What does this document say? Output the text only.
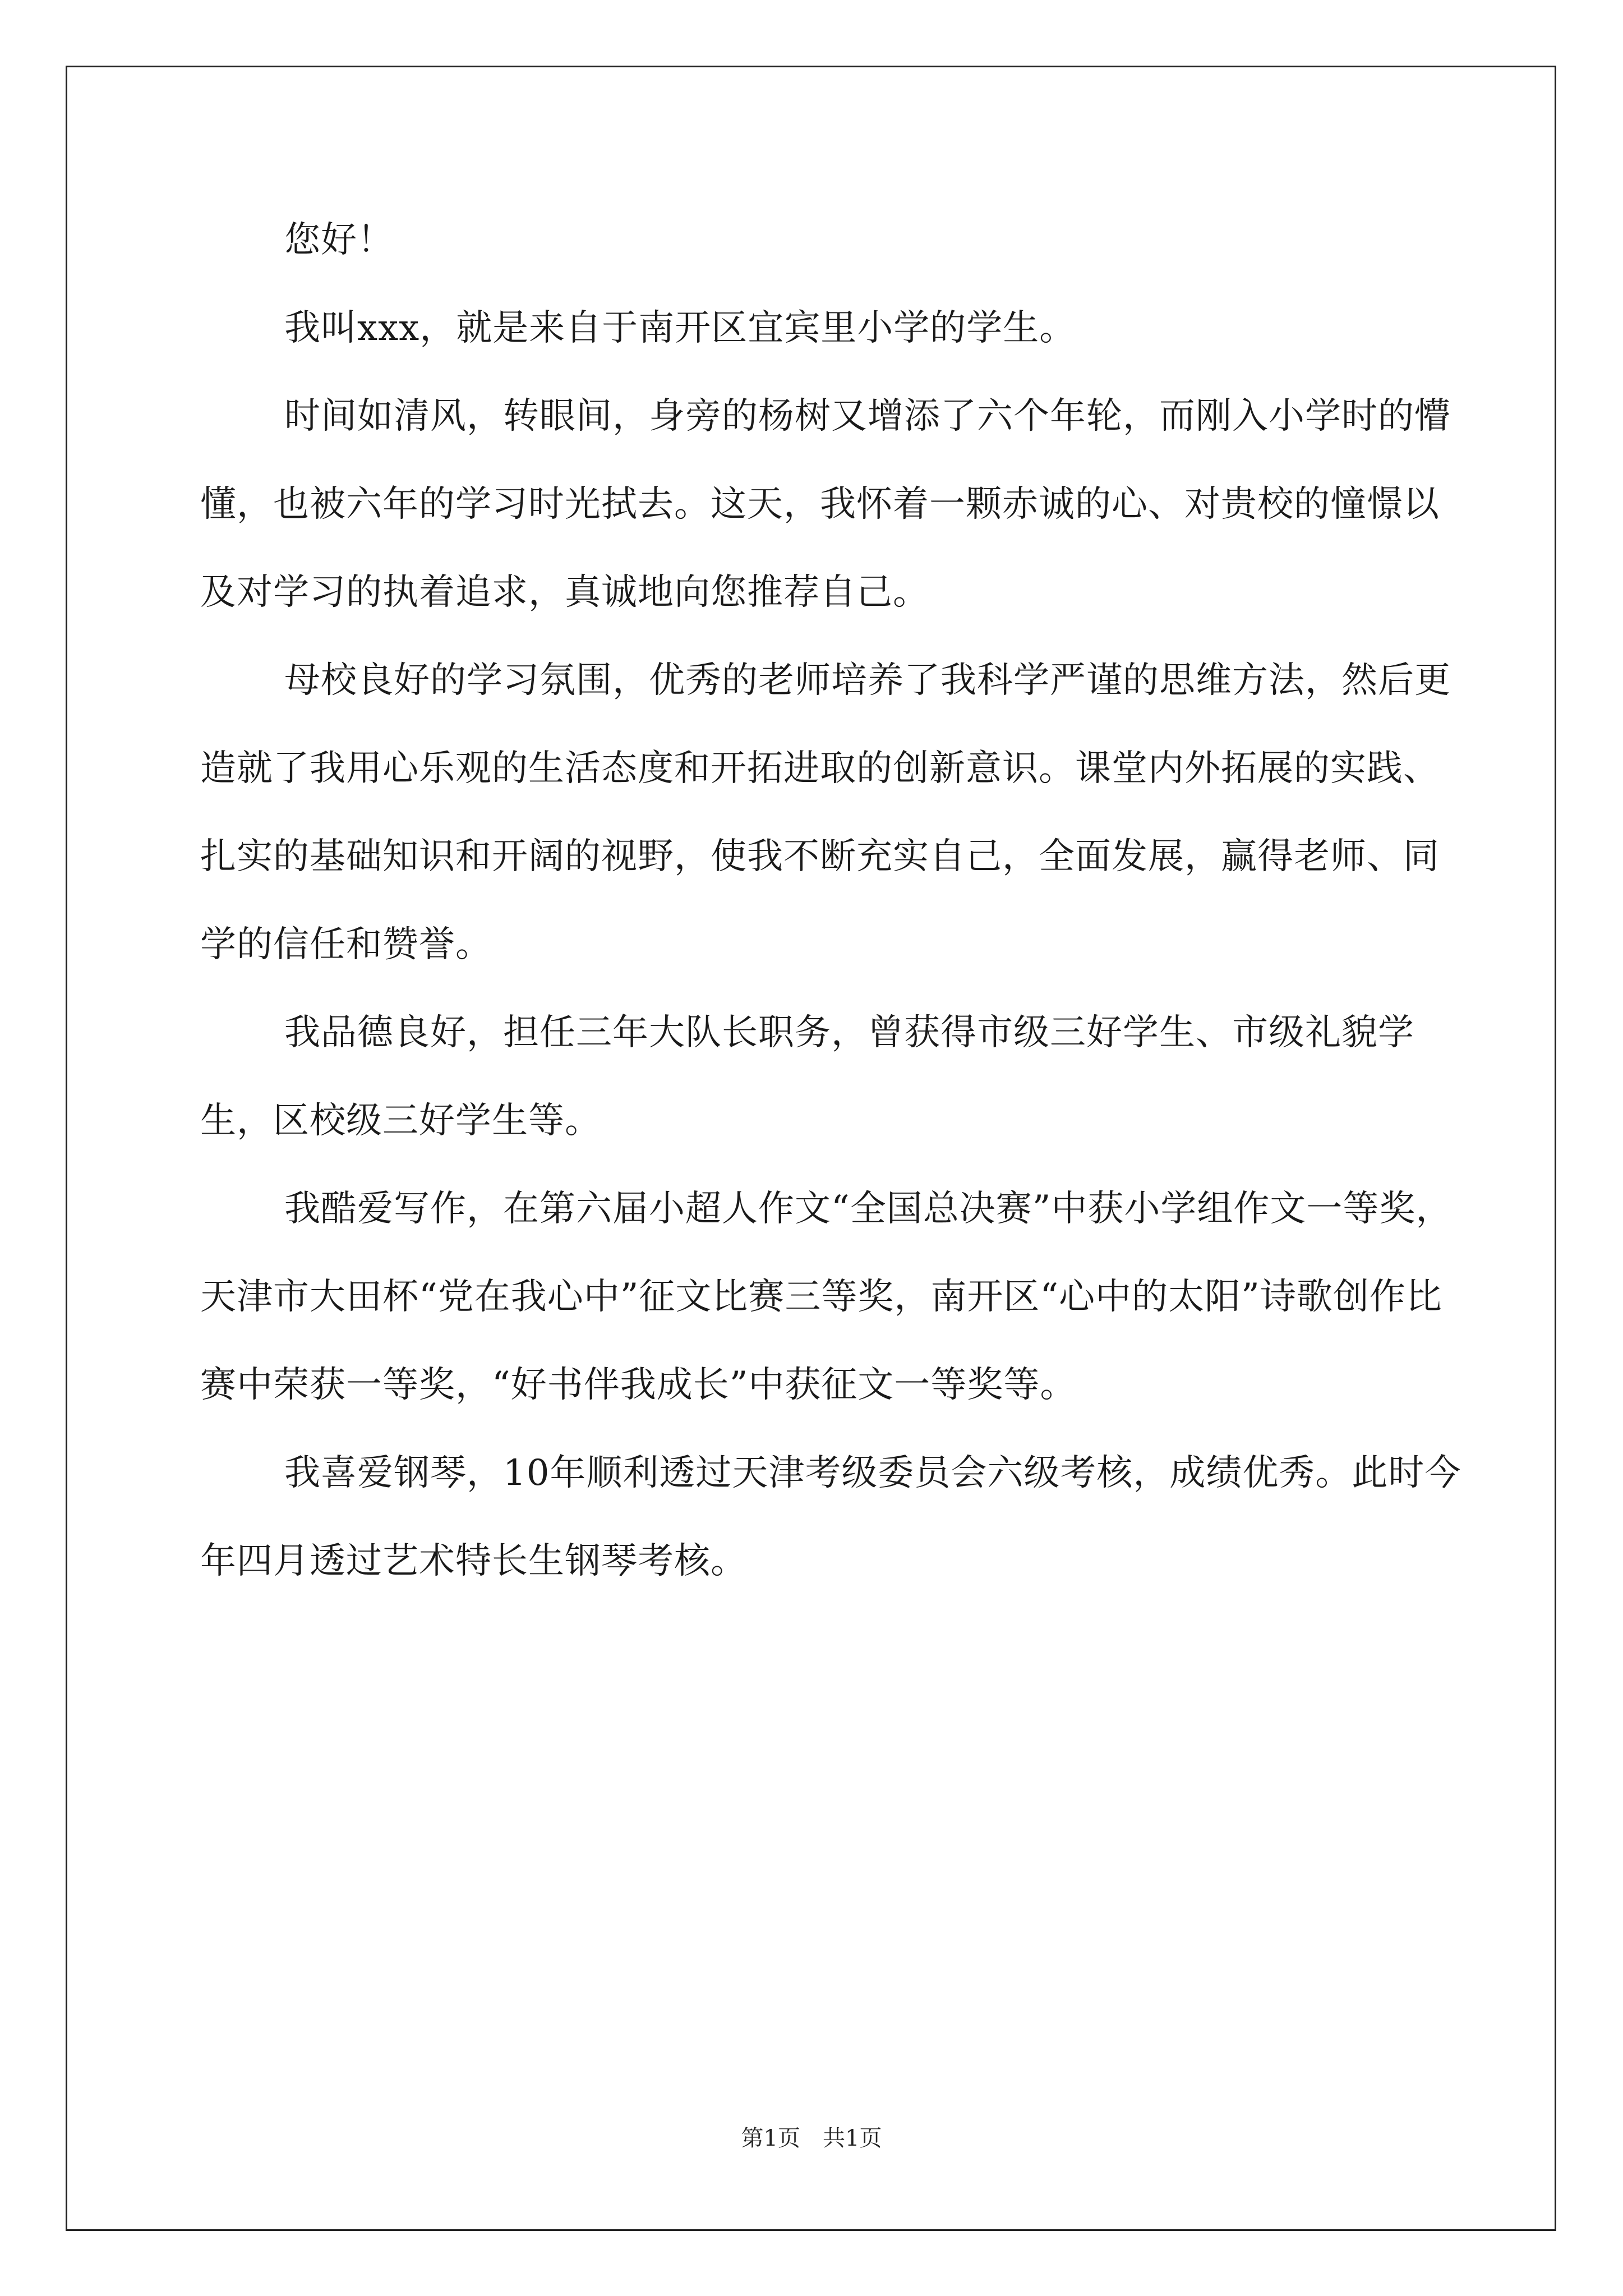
您好！

我叫xxx，就是来自于南开区宜宾里小学的学生。

时间如清风，转眼间，身旁的杨树又增添了六个年轮，而刚入小学时的懵懂，也被六年的学习时光拭去。这天，我怀着一颗赤诚的心、对贵校的憧憬以及对学习的执着追求，真诚地向您推荐自己。

母校良好的学习氛围，优秀的老师培养了我科学严谨的思维方法，然后更造就了我用心乐观的生活态度和开拓进取的创新意识。课堂内外拓展的实践、扎实的基础知识和开阔的视野，使我不断充实自己，全面发展，赢得老师、同学的信任和赞誉。

我品德良好，担任三年大队长职务，曾获得市级三好学生、市级礼貌学生，区校级三好学生等。

我酷爱写作，在第六届小超人作文“全国总决赛”中获小学组作文一等奖，天津市大田杯“党在我心中”征文比赛三等奖，南开区“心中的太阳”诗歌创作比赛中荣获一等奖，“好书伴我成长”中获征文一等奖等。

我喜爱钢琴，10年顺利透过天津考级委员会六级考核，成绩优秀。此时今年四月透过艺术特长生钢琴考核。

第1页　共1页
